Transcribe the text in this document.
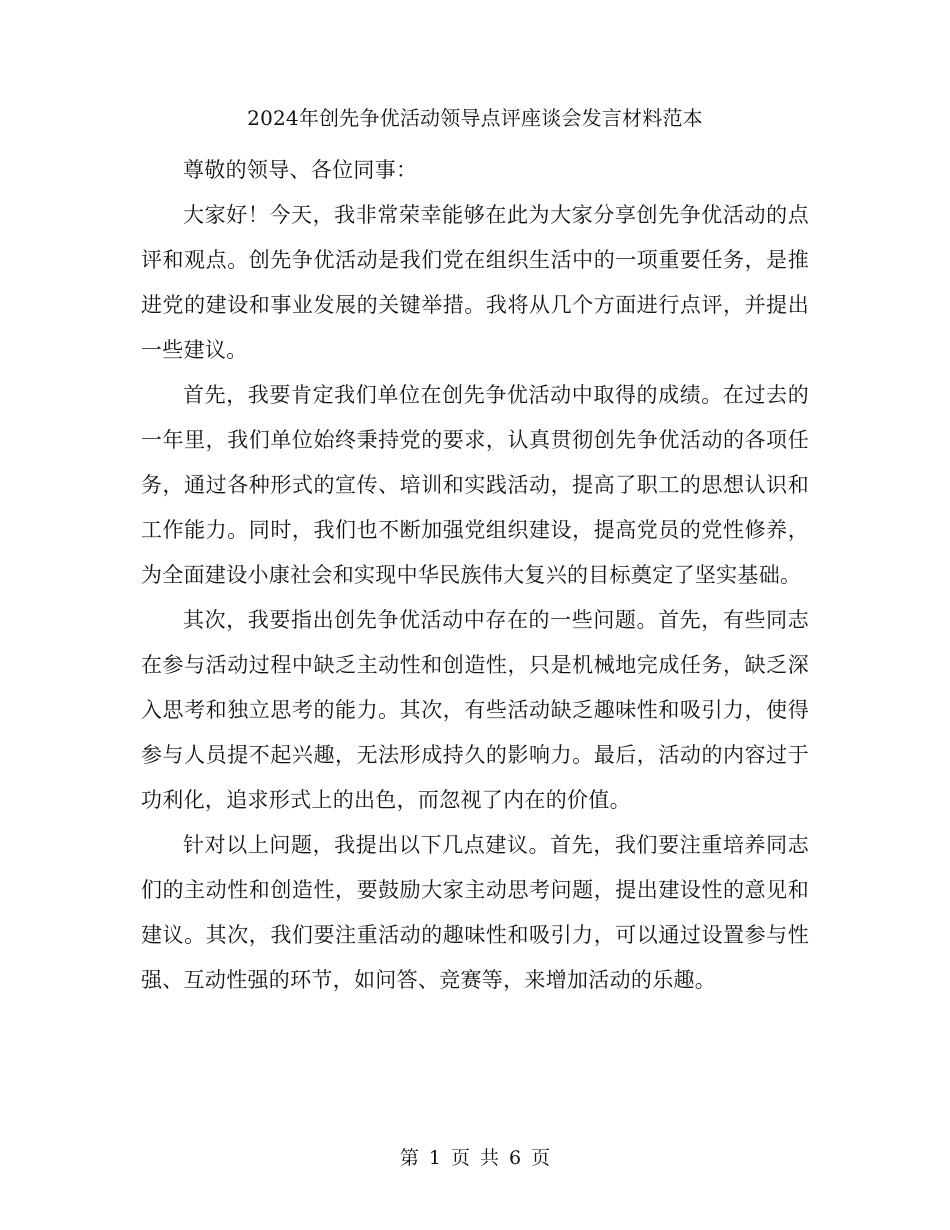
2024年创先争优活动领导点评座谈会发言材料范本

尊敬的领导、各位同事：

大家好！今天，我非常荣幸能够在此为大家分享创先争优活动的点评和观点。创先争优活动是我们党在组织生活中的一项重要任务，是推进党的建设和事业发展的关键举措。我将从几个方面进行点评，并提出一些建议。

首先，我要肯定我们单位在创先争优活动中取得的成绩。在过去的一年里，我们单位始终秉持党的要求，认真贯彻创先争优活动的各项任务，通过各种形式的宣传、培训和实践活动，提高了职工的思想认识和工作能力。同时，我们也不断加强党组织建设，提高党员的党性修养，为全面建设小康社会和实现中华民族伟大复兴的目标奠定了坚实基础。

其次，我要指出创先争优活动中存在的一些问题。首先，有些同志在参与活动过程中缺乏主动性和创造性，只是机械地完成任务，缺乏深入思考和独立思考的能力。其次，有些活动缺乏趣味性和吸引力，使得参与人员提不起兴趣，无法形成持久的影响力。最后，活动的内容过于功利化，追求形式上的出色，而忽视了内在的价值。

针对以上问题，我提出以下几点建议。首先，我们要注重培养同志们的主动性和创造性，要鼓励大家主动思考问题，提出建设性的意见和建议。其次，我们要注重活动的趣味性和吸引力，可以通过设置参与性强、互动性强的环节，如问答、竞赛等，来增加活动的乐趣。

第 1 页 共 6 页
